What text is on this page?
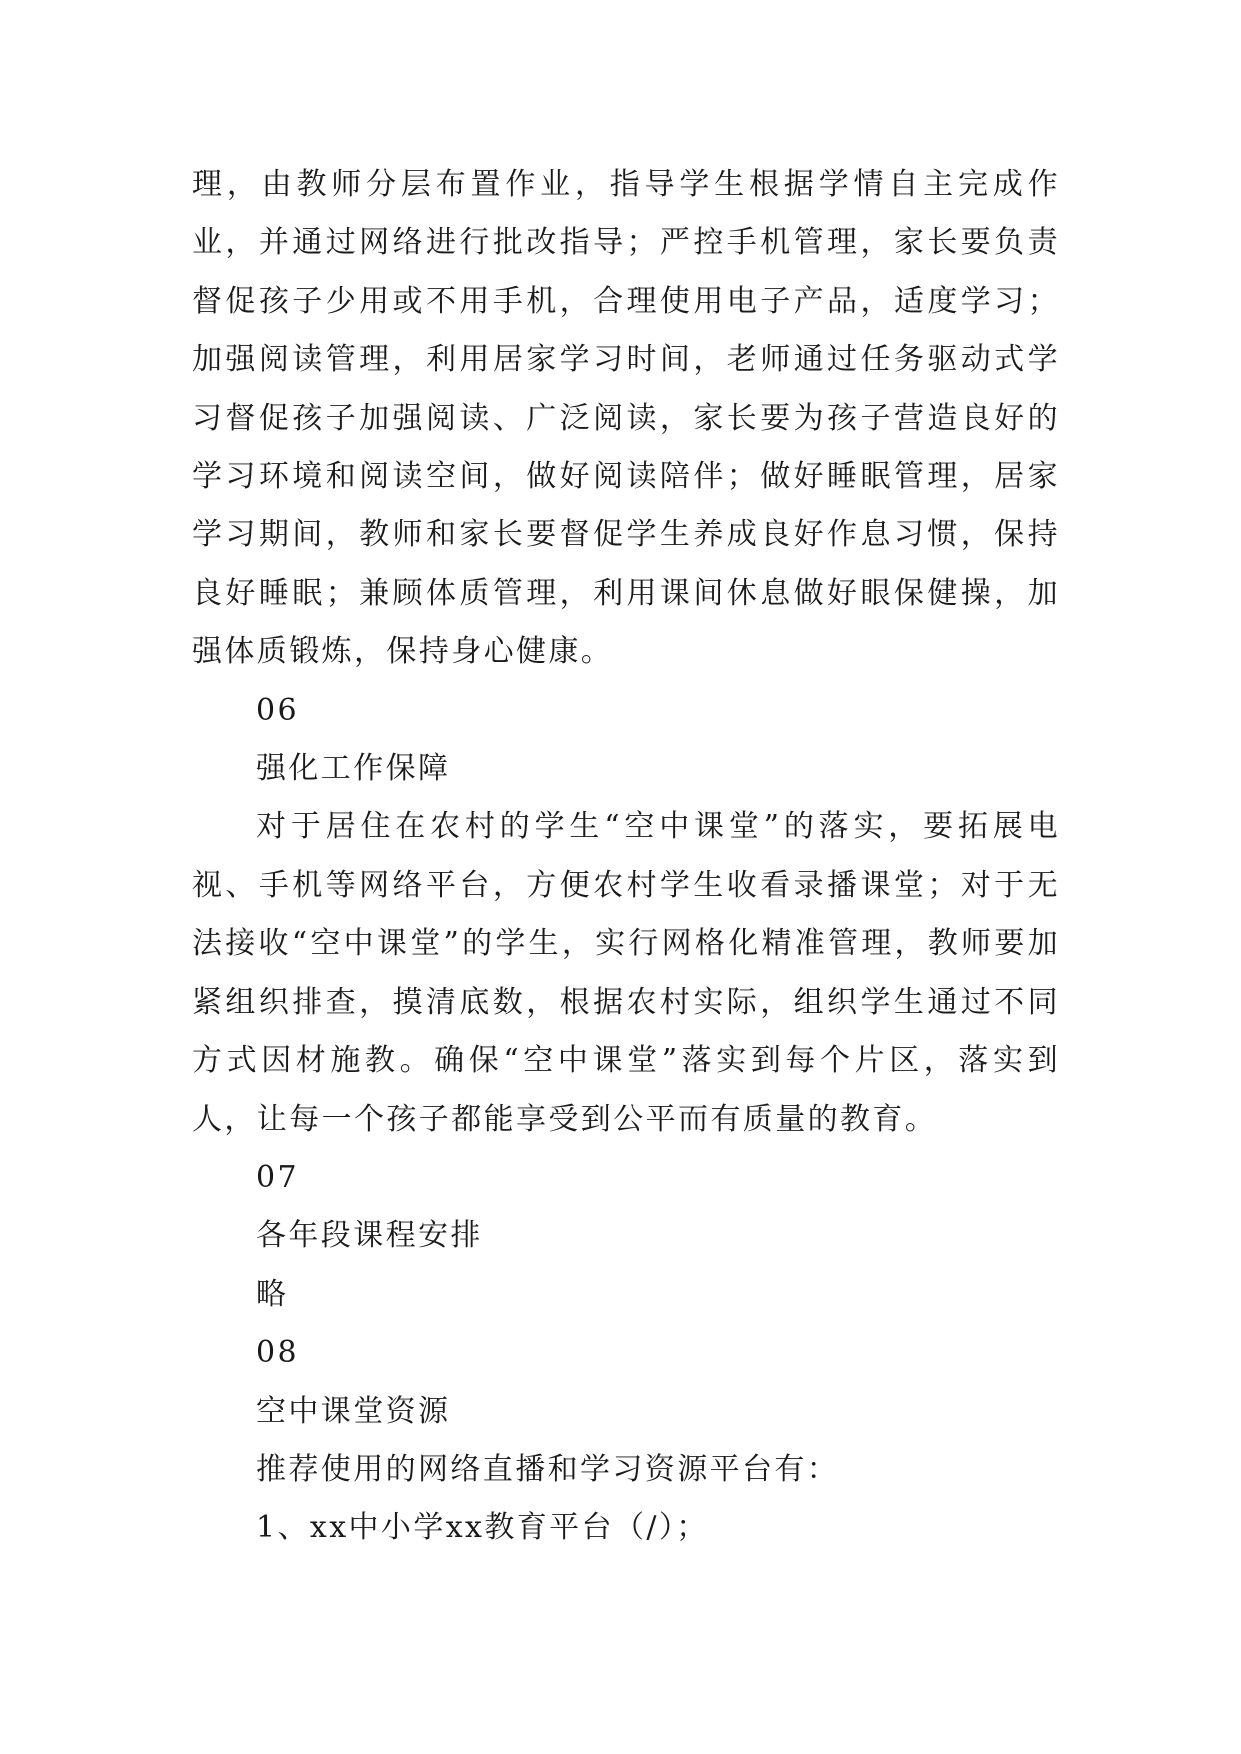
理，由教师分层布置作业，指导学生根据学情自主完成作业，并通过网络进行批改指导；严控手机管理，家长要负责督促孩子少用或不用手机，合理使用电子产品，适度学习；加强阅读管理，利用居家学习时间，老师通过任务驱动式学习督促孩子加强阅读、广泛阅读，家长要为孩子营造良好的学习环境和阅读空间，做好阅读陪伴；做好睡眠管理，居家学习期间，教师和家长要督促学生养成良好作息习惯，保持良好睡眠；兼顾体质管理，利用课间休息做好眼保健操，加强体质锻炼，保持身心健康。

06

强化工作保障

对于居住在农村的学生“空中课堂”的落实，要拓展电视、手机等网络平台，方便农村学生收看录播课堂；对于无法接收“空中课堂”的学生，实行网格化精准管理，教师要加紧组织排查，摸清底数，根据农村实际，组织学生通过不同方式因材施教。确保“空中课堂”落实到每个片区，落实到人，让每一个孩子都能享受到公平而有质量的教育。

07

各年段课程安排

略

08

空中课堂资源

推荐使用的网络直播和学习资源平台有：

1、xx中小学xx教育平台（/）；
